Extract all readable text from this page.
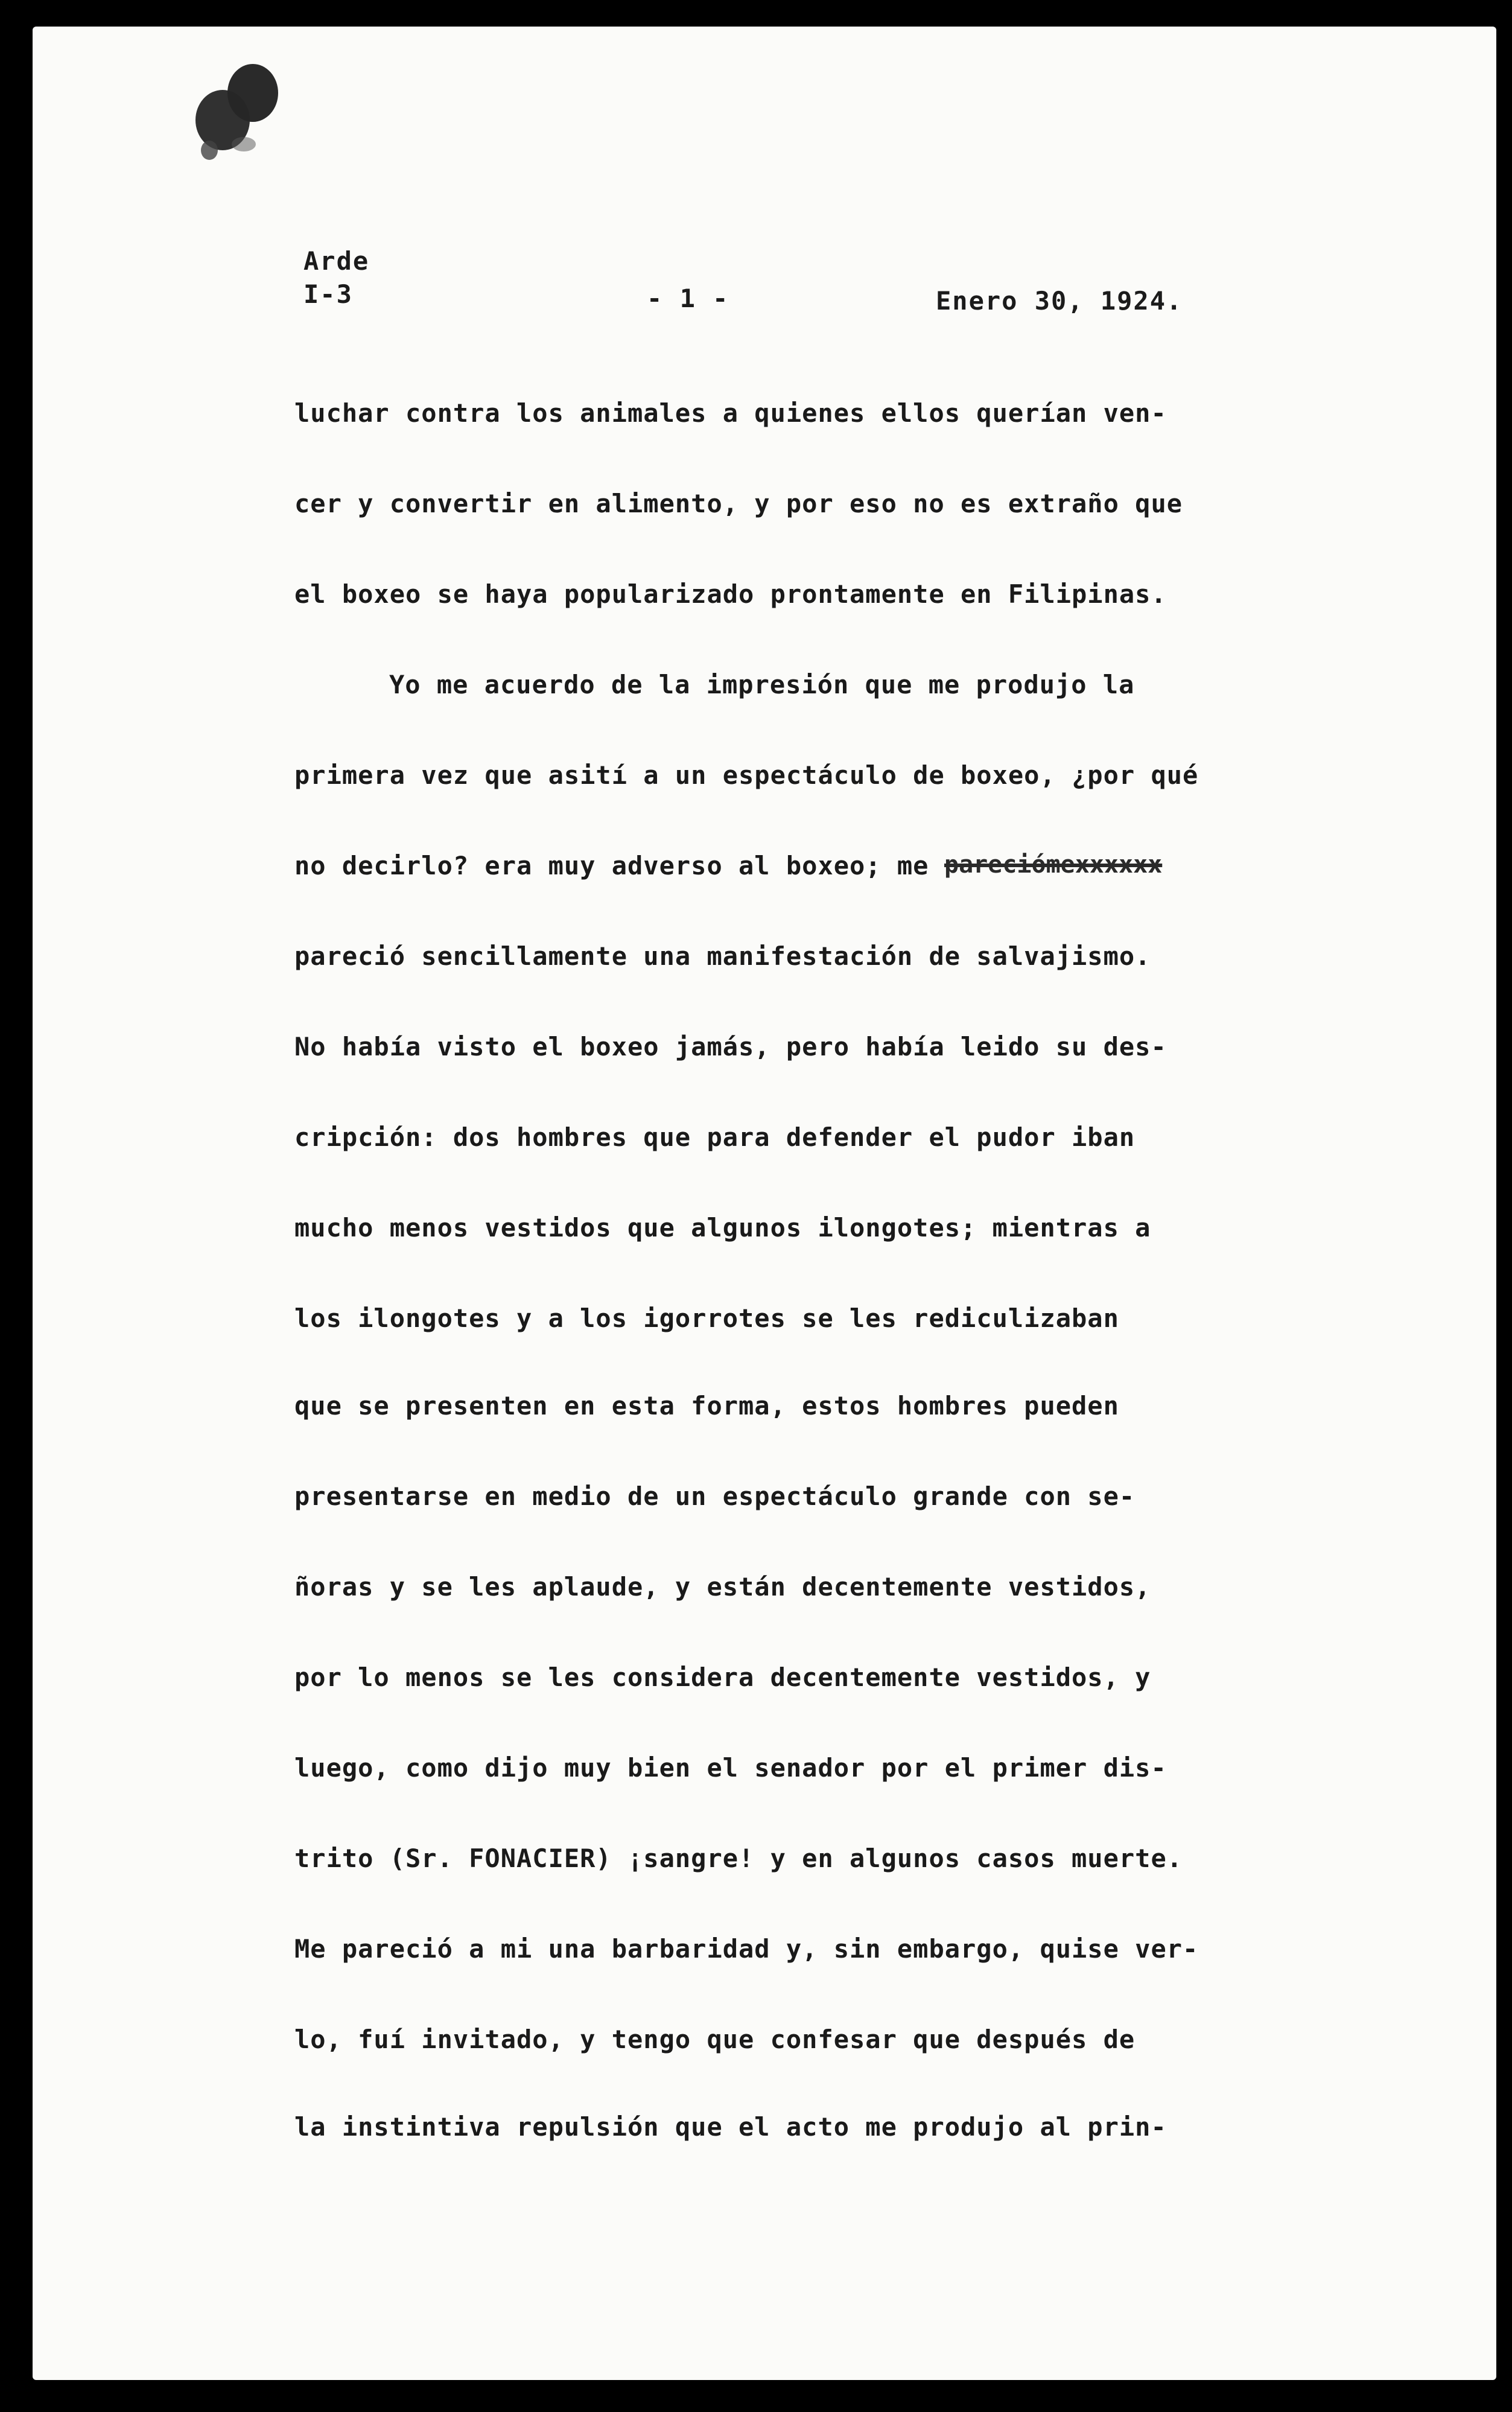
Arde
I-3	- 1 -	Enero 30, 1924.
luchar contra los animales a quienes ellos querían ven-
cer y convertir en alimento, y por eso no es extraño que
el boxeo se haya popularizado prontamente en Filipinas.
Yo me acuerdo de la impresión que me produjo la
primera vez que asití a un espectáculo de boxeo, ¿por qué
no decirlo? era muy adverso al boxeo; me pareciómexxxxxx
pareció sencillamente una manifestación de salvajismo.
No había visto el boxeo jamás, pero había leido su des-
cripción: dos hombres que para defender el pudor iban
mucho menos vestidos que algunos ilongotes; mientras a
los ilongotes y a los igorrotes se les rediculizaban
que se presenten en esta forma, estos hombres pueden
presentarse en medio de un espectáculo grande con se-
ñoras y se les aplaude, y están decentemente vestidos,
por lo menos se les considera decentemente vestidos, y
luego, como dijo muy bien el senador por el primer dis-
trito (Sr. FONACIER) ¡sangre! y en algunos casos muerte.
Me pareció a mi una barbaridad y, sin embargo, quise ver-
lo, fuí invitado, y tengo que confesar que después de
la instintiva repulsión que el acto me produjo al prin-
